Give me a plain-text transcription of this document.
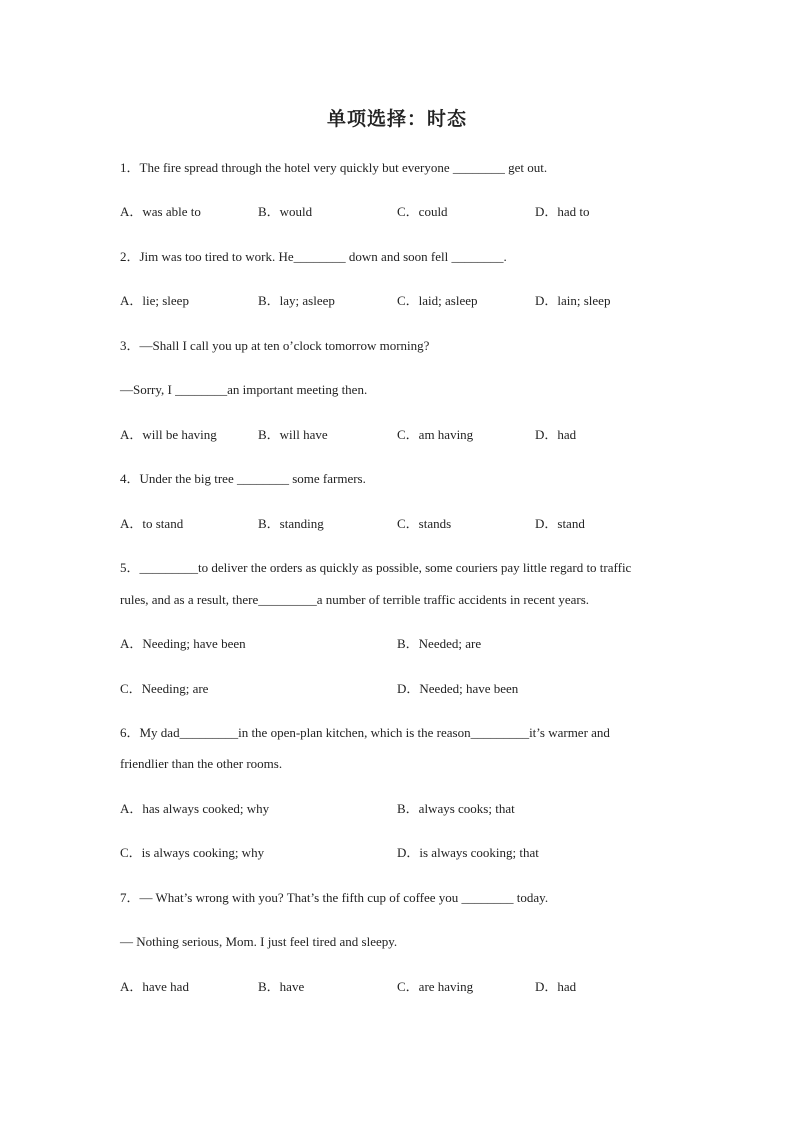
单项选择：时态
1．The fire spread through the hotel very quickly but everyone ________ get out.
A．was able to	B．would	C．could	D．had to
2．Jim was too tired to work. He________ down and soon fell ________.
A．lie; sleep	B．lay; asleep	C．laid; asleep	D．lain; sleep
3．—Shall I call you up at ten o’clock tomorrow morning?
—Sorry, I ________an important meeting then.
A．will be having	B．will have	C．am having	D．had
4．Under the big tree ________ some farmers.
A．to stand	B．standing	C．stands	D．stand
5．_________to deliver the orders as quickly as possible, some couriers pay little regard to traffic
rules, and as a result, there_________a number of terrible traffic accidents in recent years.
A．Needing; have been	B．Needed; are
C．Needing; are	D．Needed; have been
6．My dad_________in the open-plan kitchen, which is the reason_________it’s warmer and
friendlier than the other rooms.
A．has always cooked; why	B．always cooks; that
C．is always cooking; why	D．is always cooking; that
7．— What’s wrong with you? That’s the fifth cup of coffee you ________ today.
— Nothing serious, Mom. I just feel tired and sleepy.
A．have had	B．have	C．are having	D．had
